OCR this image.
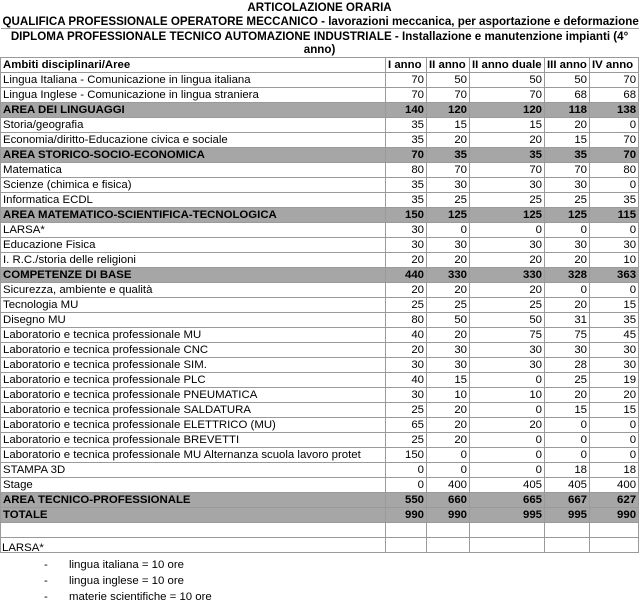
ARTICOLAZIONE ORARIA					
QUALIFICA PROFESSIONALE OPERATORE MECCANICO - lavorazioni meccanica, per asportazione e deformazione					
DIPLOMA PROFESSIONALE TECNICO AUTOMAZIONE INDUSTRIALE - Installazione e manutenzione impianti (4° anno)					
Ambiti disciplinari/Aree	I anno	II anno	II anno duale	III anno	IV anno
Lingua Italiana - Comunicazione in lingua italiana	70	50	50	50	70
Lingua Inglese - Comunicazione in lingua straniera	70	70	70	68	68
AREA DEI LINGUAGGI	140	120	120	118	138
Storia/geografia	35	15	15	20	0
Economia/diritto-Educazione civica e sociale	35	20	20	15	70
AREA STORICO-SOCIO-ECONOMICA	70	35	35	35	70
Matematica	80	70	70	70	80
Scienze (chimica e fisica)	35	30	30	30	0
Informatica ECDL	35	25	25	25	35
AREA MATEMATICO-SCIENTIFICA-TECNOLOGICA	150	125	125	125	115
LARSA*	30	0	0	0	0
Educazione Fisica	30	30	30	30	30
I. R.C./storia delle religioni	20	20	20	20	10
COMPETENZE DI BASE	440	330	330	328	363
Sicurezza, ambiente e qualità	20	20	20	0	0
Tecnologia MU	25	25	25	20	15
Disegno MU	80	50	50	31	35
Laboratorio e tecnica professionale MU	40	20	75	75	45
Laboratorio e tecnica professionale CNC	20	30	30	30	30
Laboratorio e tecnica professionale SIM.	30	30	30	28	30
Laboratorio e tecnica professionale PLC	40	15	0	25	19
Laboratorio e tecnica professionale PNEUMATICA	30	10	10	20	20
Laboratorio e tecnica professionale SALDATURA	25	20	0	15	15
Laboratorio e tecnica professionale ELETTRICO (MU)	65	20	20	0	0
Laboratorio e tecnica professionale BREVETTI	25	20	0	0	0
Laboratorio e tecnica professionale MU Alternanza scuola lavoro protet	150	0	0	0	0
STAMPA 3D	0	0	0	18	18
Stage	0	400	405	405	400
AREA TECNICO-PROFESSIONALE	550	660	665	667	627
TOTALE	990	990	995	995	990

LARSA*
-	lingua italiana = 10 ore
-	lingua inglese = 10 ore
-	materie scientifiche = 10 ore
